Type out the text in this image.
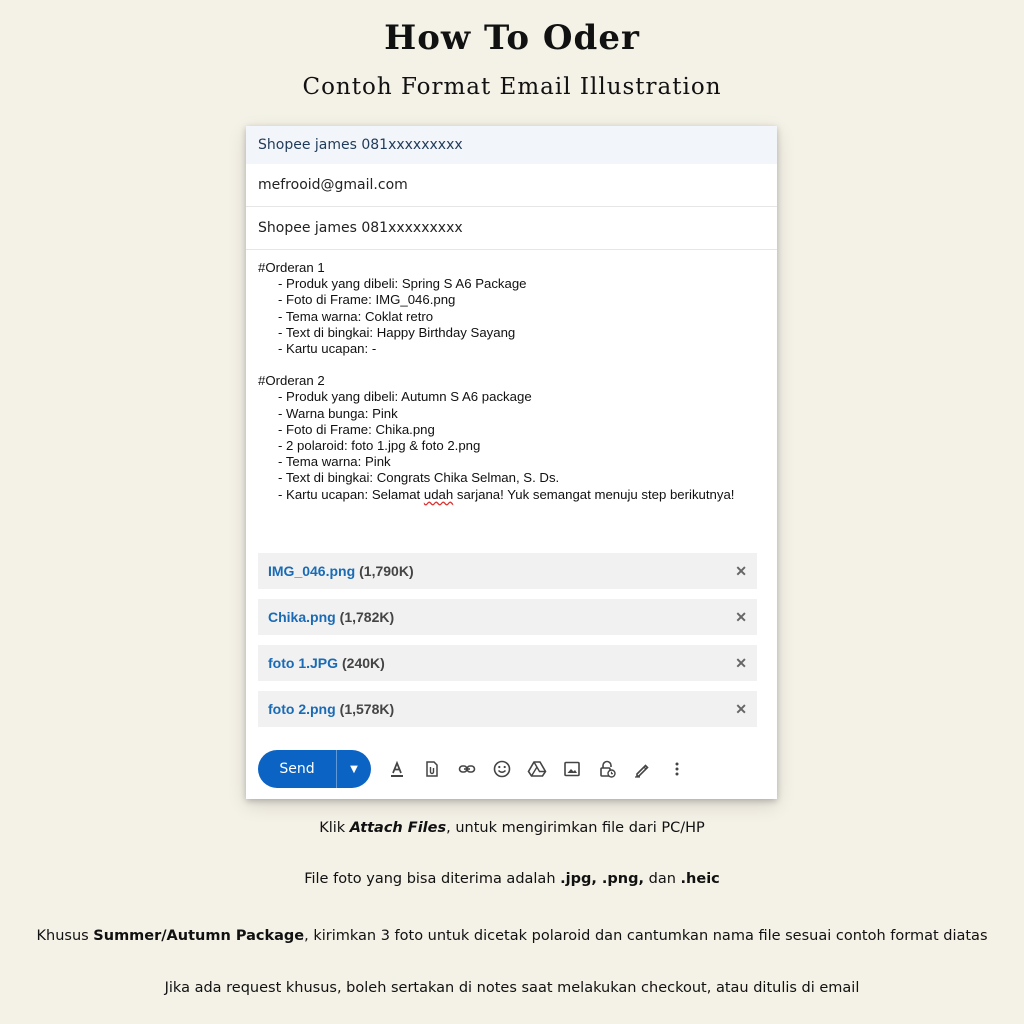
How To Oder
Contoh Format Email Illustration
Shopee james 081xxxxxxxxx
mefrooid@gmail.com
Shopee james 081xxxxxxxxx
#Orderan 1
- Produk yang dibeli: Spring S A6 Package
- Foto di Frame: IMG_046.png
- Tema warna: Coklat retro
- Text di bingkai: Happy Birthday Sayang
- Kartu ucapan: -
#Orderan 2
- Produk yang dibeli: Autumn S A6 package
- Warna bunga: Pink
- Foto di Frame: Chika.png
- 2 polaroid: foto 1.jpg & foto 2.png
- Tema warna: Pink
- Text di bingkai: Congrats Chika Selman, S. Ds.
- Kartu ucapan: Selamat udah sarjana! Yuk semangat menuju step berikutnya!
IMG_046.png (1,790K)	✕
Chika.png (1,782K)	✕
foto 1.JPG (240K)	✕
foto 2.png (1,578K)	✕
Send	▼
Klik Attach Files, untuk mengirimkan file dari PC/HP
File foto yang bisa diterima adalah .jpg, .png, dan .heic
Khusus Summer/Autumn Package, kirimkan 3 foto untuk dicetak polaroid dan cantumkan nama file sesuai contoh format diatas
Jika ada request khusus, boleh sertakan di notes saat melakukan checkout, atau ditulis di email
